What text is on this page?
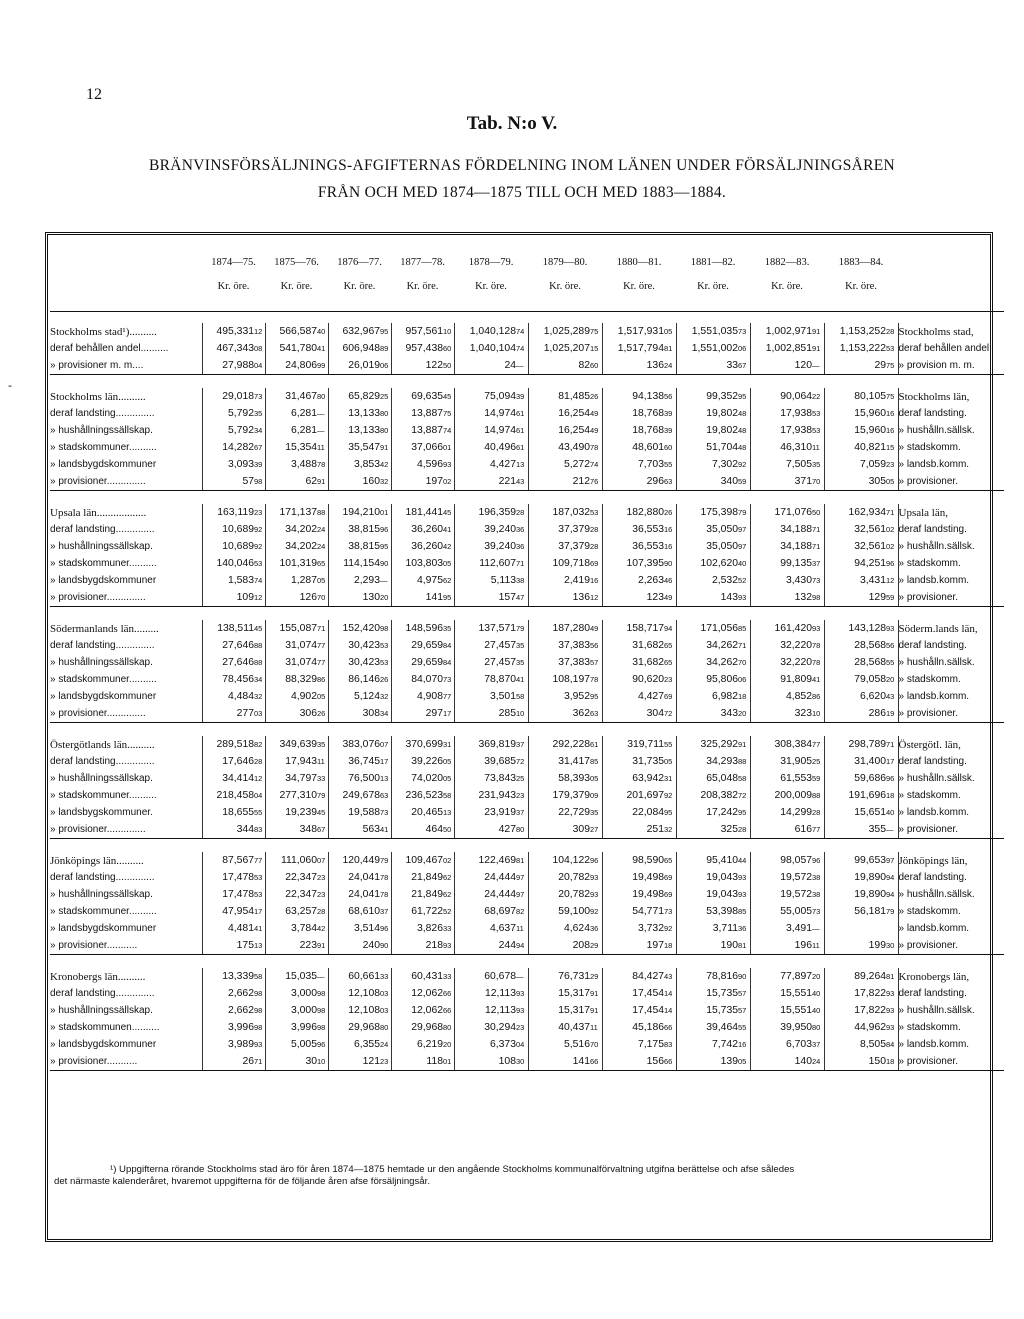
12
Tab. N:o V.
BRÄNVINSFÖRSÄLJNINGS-AFGIFTERNAS FÖRDELNING INOM LÄNEN UNDER FÖRSÄLJNINGSÅREN
FRÅN OCH MED 1874—1875 TILL OCH MED 1883—1884.
-
	1874—75.		1875—76.		1876—77.		1877—78.		1878—79.		1879—80.		1880—81.		1881—82.		1882—83.		1883—84.		
	Kr. öre.		Kr. öre.		Kr. öre.		Kr. öre.		Kr. öre.		Kr. öre.		Kr. öre.		Kr. öre.		Kr. öre.		Kr. öre.		

Stockholms stad¹)..........	495,331	12	566,587	40	632,967	95	957,561	10	1,040,128	74	1,025,289	75	1,517,931	05	1,551,035	73	1,002,971	91	1,153,252	28	Stockholms stad,
deraf behållen andel..........	467,343	08	541,780	41	606,948	89	957,438	60	1,040,104	74	1,025,207	15	1,517,794	81	1,551,002	06	1,002,851	91	1,153,222	53	deraf behållen andel.
» provisioner m. m....	27,988	04	24,806	99	26,019	06	122	50	24	—	82	60	136	24	33	67	120	—	29	75	» provision m. m.

Stockholms län..........	29,018	73	31,467	80	65,829	25	69,635	45	75,094	39	81,485	26	94,138	56	99,352	95	90,064	22	80,105	75	Stockholms län,
deraf landsting..............	5,792	35	6,281	—	13,133	80	13,887	75	14,974	61	16,254	49	18,768	39	19,802	48	17,938	53	15,960	16	deraf landsting.
» hushållningssällskap.	5,792	34	6,281	—	13,133	80	13,887	74	14,974	61	16,254	49	18,768	39	19,802	48	17,938	53	15,960	16	» hushålln.sällsk.
» stadskommuner..........	14,282	67	15,354	11	35,547	91	37,066	01	40,496	61	43,490	78	48,601	60	51,704	48	46,310	11	40,821	15	» stadskomm.
» landsbygdskommuner	3,093	39	3,488	78	3,853	42	4,596	93	4,427	13	5,272	74	7,703	55	7,302	92	7,505	35	7,059	23	» landsb.komm.
» provisioner..............	57	98	62	91	160	32	197	02	221	43	212	76	296	63	340	59	371	70	305	05	» provisioner.

Upsala län..................	163,119	23	171,137	88	194,210	01	181,441	45	196,359	28	187,032	53	182,880	26	175,398	79	171,076	50	162,934	71	Upsala län,
deraf landsting..............	10,689	92	34,202	24	38,815	96	36,260	41	39,240	36	37,379	28	36,553	16	35,050	97	34,188	71	32,561	02	deraf landsting.
» hushållningssällskap.	10,689	92	34,202	24	38,815	95	36,260	42	39,240	36	37,379	28	36,553	16	35,050	97	34,188	71	32,561	02	» hushålln.sällsk.
» stadskommuner..........	140,046	53	101,319	65	114,154	90	103,803	05	112,607	71	109,718	69	107,395	90	102,620	40	99,135	37	94,251	96	» stadskomm.
» landsbygdskommuner	1,583	74	1,287	05	2,293	—	4,975	62	5,113	38	2,419	16	2,263	46	2,532	52	3,430	73	3,431	12	» landsb.komm.
» provisioner..............	109	12	126	70	130	20	141	95	157	47	136	12	123	49	143	93	132	98	129	59	» provisioner.

Södermanlands län.........	138,511	45	155,087	71	152,420	98	148,596	35	137,571	79	187,280	49	158,717	94	171,056	85	161,420	93	143,128	93	Söderm.lands län,
deraf landsting..............	27,646	88	31,074	77	30,423	53	29,659	84	27,457	35	37,383	56	31,682	65	34,262	71	32,220	78	28,568	56	deraf landsting.
» hushållningssällskap.	27,646	88	31,074	77	30,423	53	29,659	84	27,457	35	37,383	57	31,682	65	34,262	70	32,220	78	28,568	55	» hushålln.sällsk.
» stadskommuner..........	78,456	34	88,329	86	86,146	26	84,070	73	78,870	41	108,197	78	90,620	23	95,806	06	91,809	41	79,058	20	» stadskomm.
» landsbygdskommuner	4,484	32	4,902	05	5,124	32	4,908	77	3,501	58	3,952	95	4,427	69	6,982	18	4,852	86	6,620	43	» landsb.komm.
» provisioner..............	277	03	306	26	308	34	297	17	285	10	362	63	304	72	343	20	323	10	286	19	» provisioner.

Östergötlands län..........	289,518	82	349,639	35	383,076	07	370,699	31	369,819	37	292,228	61	319,711	55	325,292	91	308,384	77	298,789	71	Östergötl. län,
deraf landsting..............	17,646	28	17,943	11	36,745	17	39,226	05	39,685	72	31,417	85	31,735	05	34,293	88	31,905	25	31,400	17	deraf landsting.
» hushållningssällskap.	34,414	12	34,797	33	76,500	13	74,020	05	73,843	25	58,393	05	63,942	31	65,048	58	61,553	59	59,686	96	» hushålln.sällsk.
» stadskommuner..........	218,458	04	277,310	79	249,678	63	236,523	58	231,943	23	179,379	09	201,697	92	208,382	72	200,009	88	191,696	18	» stadskomm.
» landsbygskommuner.	18,655	55	19,239	45	19,588	73	20,465	13	23,919	37	22,729	35	22,084	95	17,242	95	14,299	28	15,651	40	» landsb.komm.
» provisioner..............	344	83	348	67	563	41	464	50	427	80	309	27	251	32	325	28	616	77	355	—	» provisioner.

Jönköpings län..........	87,567	77	111,060	07	120,449	79	109,467	02	122,469	81	104,122	96	98,590	65	95,410	44	98,057	96	99,653	97	Jönköpings län,
deraf landsting..............	17,478	53	22,347	23	24,041	78	21,849	62	24,444	97	20,782	93	19,498	69	19,043	93	19,572	38	19,890	94	deraf landsting.
» hushållningssällskap.	17,478	53	22,347	23	24,041	78	21,849	62	24,444	97	20,782	93	19,498	69	19,043	93	19,572	38	19,890	94	» hushålln.sällsk.
» stadskommuner..........	47,954	17	63,257	28	68,610	37	61,722	52	68,697	82	59,100	92	54,771	73	53,398	85	55,005	73	56,181	79	» stadskomm.
» landsbygdskommuner	4,481	41	3,784	42	3,514	96	3,826	33	4,637	11	4,624	36	3,732	92	3,711	36	3,491	—			» landsb.komm.
» provisioner...........	175	13	223	91	240	90	218	93	244	94	208	29	197	18	190	81	196	11	199	30	» provisioner.

Kronobergs län..........	13,339	58	15,035	—	60,661	33	60,431	33	60,678	—	76,731	29	84,427	43	78,816	90	77,897	20	89,264	81	Kronobergs län,
deraf landsting..............	2,662	98	3,000	98	12,108	03	12,062	66	12,113	93	15,317	91	17,454	14	15,735	57	15,551	40	17,822	93	deraf landsting.
» hushållningssällskap.	2,662	98	3,000	98	12,108	03	12,062	66	12,113	93	15,317	91	17,454	14	15,735	57	15,551	40	17,822	93	» hushålln.sällsk.
» stadskommunen..........	3,996	98	3,996	98	29,968	80	29,968	80	30,294	23	40,437	11	45,186	66	39,464	55	39,950	80	44,962	93	» stadskomm.
» landsbygdskommuner	3,989	93	5,005	96	6,355	24	6,219	20	6,373	04	5,516	70	7,175	83	7,742	16	6,703	37	8,505	84	» landsb.komm.
» provisioner...........	26	71	30	10	121	23	118	01	108	30	141	66	156	66	139	05	140	24	150	18	» provisioner.
¹) Uppgifterna rörande Stockholms stad äro för åren 1874—1875 hemtade ur den angående Stockholms kommunalförvaltning utgifna berättelse och afse således
det närmaste kalenderåret, hvaremot uppgifterna för de följande åren afse försäljningsår.
